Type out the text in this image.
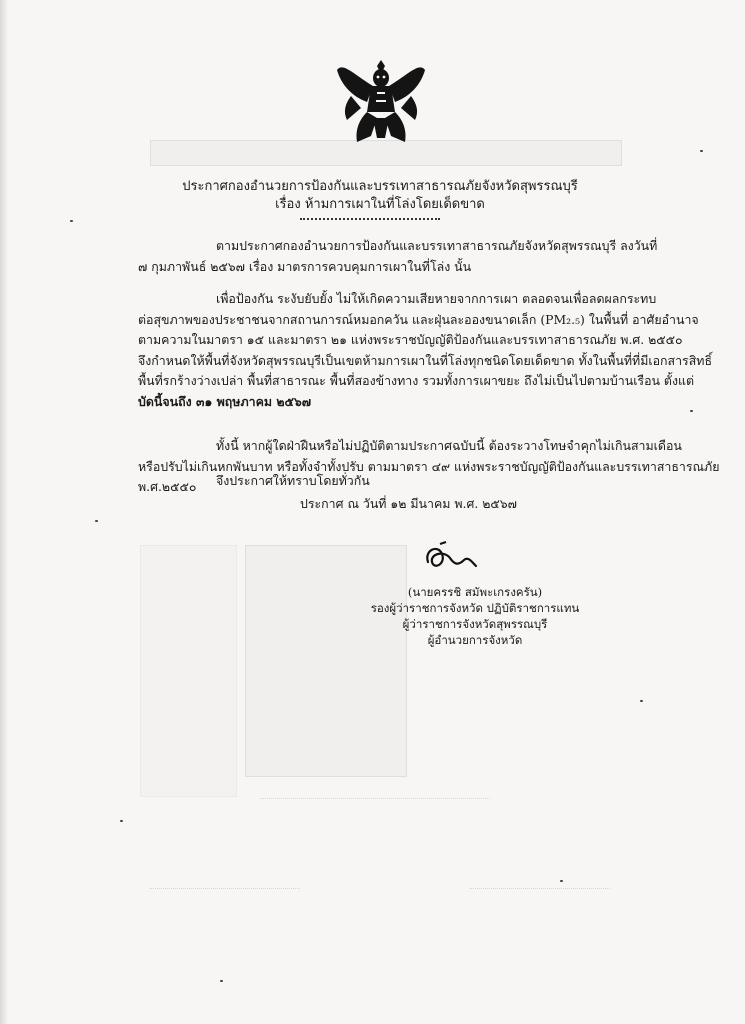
ประกาศกองอำนวยการป้องกันและบรรเทาสาธารณภัยจังหวัดสุพรรณบุรี
เรื่อง ห้ามการเผาในที่โล่งโดยเด็ดขาด
ตามประกาศกองอำนวยการป้องกันและบรรเทาสาธารณภัยจังหวัดสุพรรณบุรี ลงวันที่
๗ กุมภาพันธ์ ๒๕๖๗ เรื่อง มาตรการควบคุมการเผาในที่โล่ง นั้น
เพื่อป้องกัน ระงับยับยั้ง ไม่ให้เกิดความเสียหายจากการเผา ตลอดจนเพื่อลดผลกระทบ
ต่อสุขภาพของประชาชนจากสถานการณ์หมอกควัน และฝุ่นละอองขนาดเล็ก (PM₂.₅) ในพื้นที่ อาศัยอำนาจ
ตามความในมาตรา ๑๕ และมาตรา ๒๑ แห่งพระราชบัญญัติป้องกันและบรรเทาสาธารณภัย พ.ศ. ๒๕๕๐
จึงกำหนดให้พื้นที่จังหวัดสุพรรณบุรีเป็นเขตห้ามการเผาในที่โล่งทุกชนิดโดยเด็ดขาด ทั้งในพื้นที่ที่มีเอกสารสิทธิ์
พื้นที่รกร้างว่างเปล่า พื้นที่สาธารณะ พื้นที่สองข้างทาง รวมทั้งการเผาขยะ ถึงไม่เป็นไปตามบ้านเรือน ตั้งแต่
บัดนี้จนถึง ๓๑ พฤษภาคม ๒๕๖๗
ทั้งนี้ หากผู้ใดฝ่าฝืนหรือไม่ปฏิบัติตามประกาศฉบับนี้ ต้องระวางโทษจำคุกไม่เกินสามเดือน
หรือปรับไม่เกินหกพันบาท หรือทั้งจำทั้งปรับ ตามมาตรา ๔๙ แห่งพระราชบัญญัติป้องกันและบรรเทาสาธารณภัย
พ.ศ.๒๕๕๐	จึงประกาศให้ทราบโดยทั่วกัน
ประกาศ ณ วันที่ ๑๒ มีนาคม พ.ศ. ๒๕๖๗
(นายครรชิ สมัพะเกรงครัน)
รองผู้ว่าราชการจังหวัด ปฏิบัติราชการแทน
ผู้ว่าราชการจังหวัดสุพรรณบุรี
ผู้อำนวยการจังหวัด
